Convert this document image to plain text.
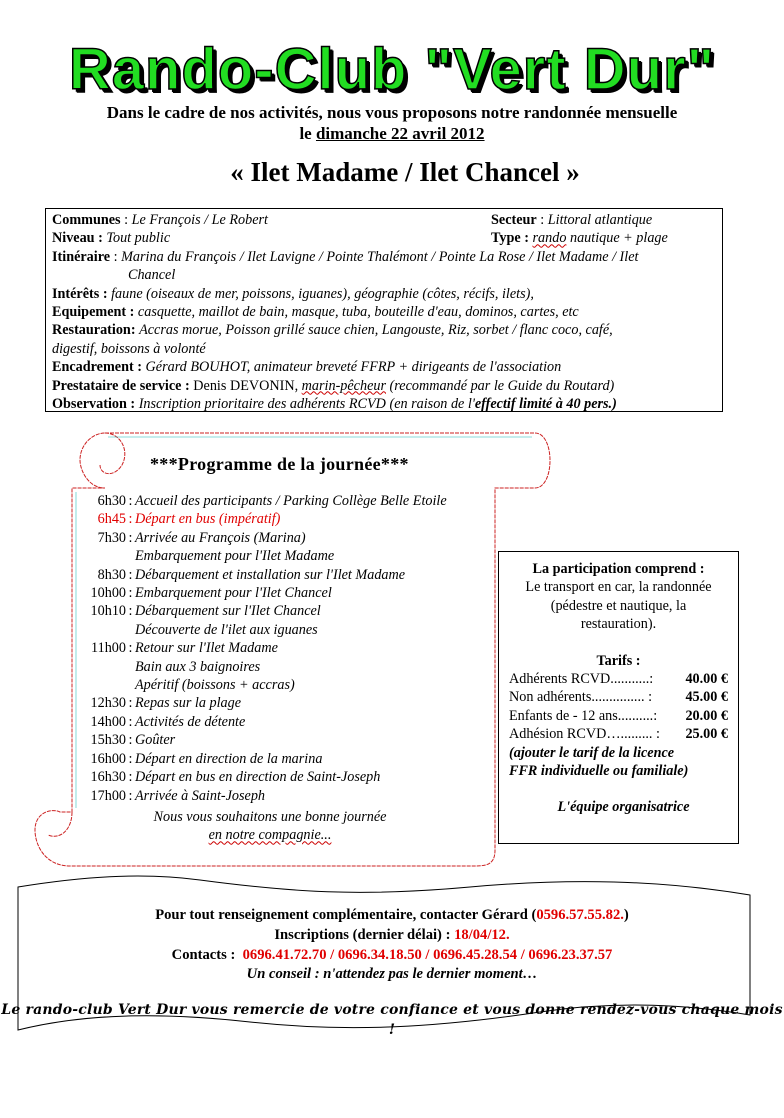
Rando-Club "Vert Dur"
Dans le cadre de nos activités, nous vous proposons notre randonnée mensuelle
le dimanche 22 avril 2012
« Ilet Madame / Ilet Chancel »
Communes : Le François / Le Robert	Secteur : Littoral atlantique
Niveau : Tout public	Type : rando nautique + plage
Itinéraire : Marina du François / Ilet Lavigne / Pointe Thalémont / Pointe La Rose / Ilet Madame / Ilet
Chancel
Intérêts : faune (oiseaux de mer, poissons, iguanes), géographie (côtes, récifs, ilets),
Equipement : casquette, maillot de bain, masque, tuba, bouteille d'eau, dominos, cartes, etc
Restauration: Accras morue, Poisson grillé sauce chien, Langouste, Riz, sorbet / flanc coco, café,
digestif, boissons à volonté
Encadrement : Gérard BOUHOT, animateur breveté FFRP + dirigeants de l'association
Prestataire de service : Denis DEVONIN, marin-pêcheur (recommandé par le Guide du Routard)
Observation : Inscription prioritaire des adhérents RCVD (en raison de l'effectif limité à 40 pers.)
***Programme de la journée***
6h30 : Accueil des participants / Parking Collège Belle Etoile
6h45 : Départ en bus (impératif)
7h30 : Arrivée au François (Marina)
Embarquement pour l'Ilet Madame
8h30 : Débarquement et installation sur l'Ilet Madame
10h00 : Embarquement pour l'Ilet Chancel
10h10 : Débarquement sur l'Ilet Chancel
Découverte de l'ilet aux iguanes
11h00 : Retour sur l'Ilet Madame
Bain aux 3 baignoires
Apéritif (boissons + accras)
12h30 : Repas sur la plage
14h00 : Activités de détente
15h30 : Goûter
16h00 : Départ en direction de la marina
16h30 : Départ en bus en direction de Saint-Joseph
17h00 : Arrivée à Saint-Joseph
Nous vous souhaitons une bonne journée
en notre compagnie...
La participation comprend :
Le transport en car, la randonnée
(pédestre et nautique, la
restauration).
Tarifs :
Adhérents RCVD ...........:	40.00 €
Non adhérents ............... :	45.00 €
Enfants de - 12 ans ..........:	20.00 €
Adhésion RCVD …......... :	25.00 €
(ajouter le tarif de la licence
FFR individuelle ou familiale)
L'équipe organisatrice
Pour tout renseignement complémentaire, contacter Gérard (0596.57.55.82.)
Inscriptions (dernier délai) : 18/04/12.
Contacts : 0696.41.72.70 / 0696.34.18.50 / 0696.45.28.54 / 0696.23.37.57
Un conseil : n'attendez pas le dernier moment…
Le rando-club Vert Dur vous remercie de votre confiance et vous donne rendez-vous chaque mois !
